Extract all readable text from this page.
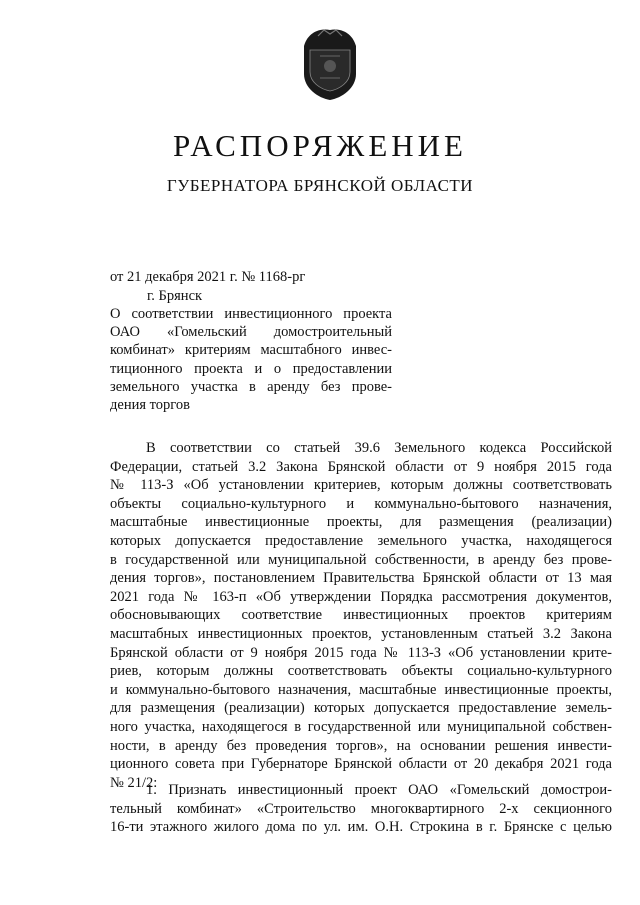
РАСПОРЯЖЕНИЕ
ГУБЕРНАТОРА БРЯНСКОЙ ОБЛАСТИ
от 21 декабря 2021 г. № 1168-рг
г. Брянск
О соответствии инвестиционного проекта
ОАО «Гомельский домостроительный
комбинат» критериям масштабного инвес-
тиционного проекта и о предоставлении
земельного участка в аренду без прове-
дения торгов
В соответствии со статьей 39.6 Земельного кодекса Российской
Федерации, статьей 3.2 Закона Брянской области от 9 ноября 2015 года
№ 113-З «Об установлении критериев, которым должны соответствовать
объекты социально-культурного и коммунально-бытового назначения,
масштабные инвестиционные проекты, для размещения (реализации)
которых допускается предоставление земельного участка, находящегося
в государственной или муниципальной собственности, в аренду без прове-
дения торгов», постановлением Правительства Брянской области от 13 мая
2021 года № 163-п «Об утверждении Порядка рассмотрения документов,
обосновывающих соответствие инвестиционных проектов критериям
масштабных инвестиционных проектов, установленным статьей 3.2 Закона
Брянской области от 9 ноября 2015 года № 113-З «Об установлении крите-
риев, которым должны соответствовать объекты социально-культурного
и коммунально-бытового назначения, масштабные инвестиционные проекты,
для размещения (реализации) которых допускается предоставление земель-
ного участка, находящегося в государственной или муниципальной собствен-
ности, в аренду без проведения торгов», на основании решения инвести-
ционного совета при Губернаторе Брянской области от 20 декабря 2021 года
№ 21/2:
1. Признать инвестиционный проект ОАО «Гомельский домострои-
тельный комбинат» «Строительство многоквартирного 2-х секционного
16-ти этажного жилого дома по ул. им. О.Н. Строкина в г. Брянске с целью
